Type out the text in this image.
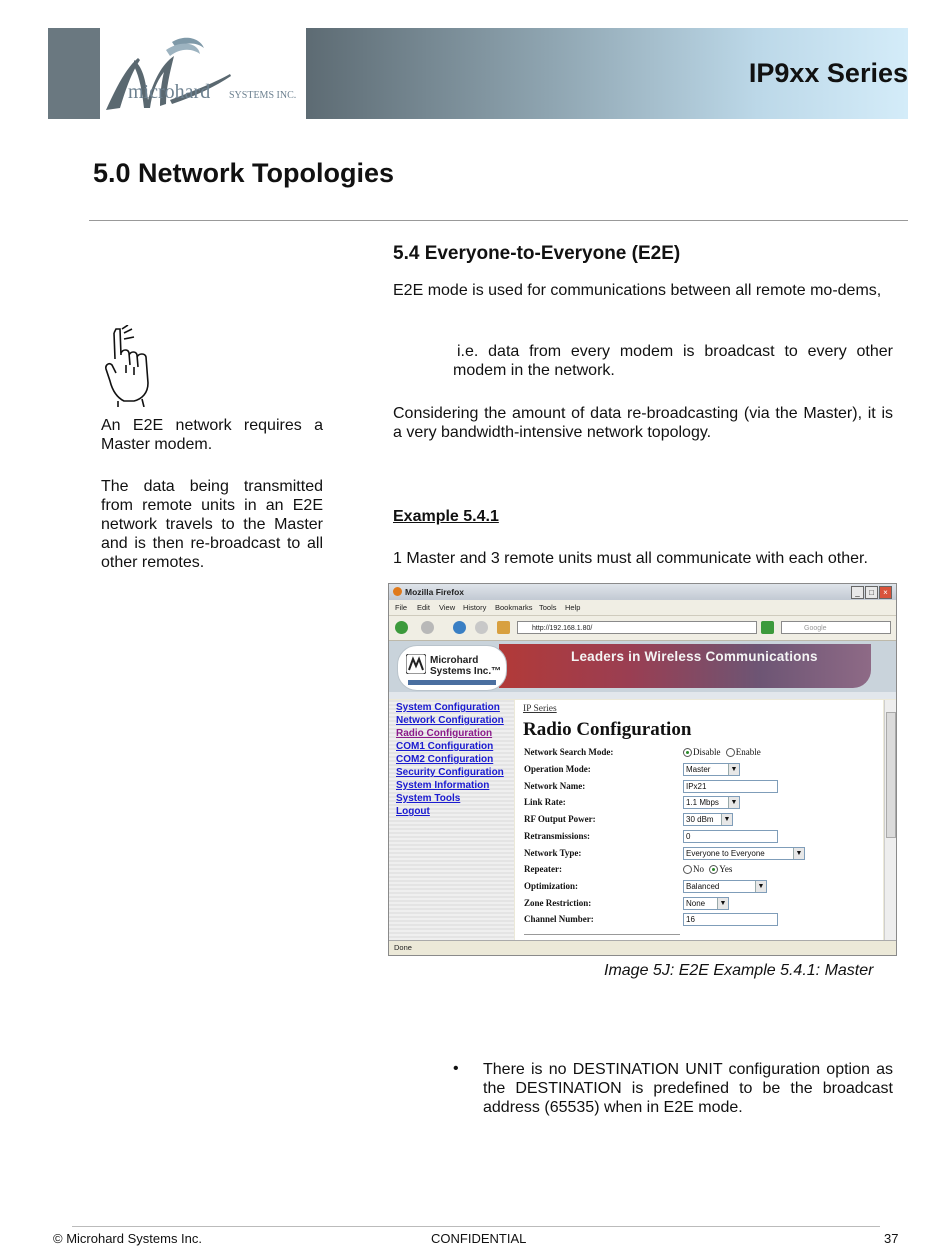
microhard SYSTEMS INC.
IP9xx Series
5.0 Network Topologies
An E2E network requires a Master modem.
The data being transmitted from remote units in an E2E network travels to the Master and is then re-broadcast to all other remotes.
5.4 Everyone-to-Everyone (E2E)
E2E mode is used for communications between all remote mo-dems,
i.e. data from every modem is broadcast to every other modem in the network.
Considering the amount of data re-broadcasting (via the Master), it is a very bandwidth-intensive network topology.
Example 5.4.1
1 Master and 3 remote units must all communicate with each other.
Mozilla Firefox	_	□	×
File Edit View History Bookmarks Tools Help
http://192.168.1.80/	Google
Microhard
Systems Inc.™
Leaders in Wireless Communications
System Configuration
Network Configuration
Radio Configuration
COM1 Configuration
COM2 Configuration
Security Configuration
System Information
System Tools
Logout
IP Series
Radio Configuration
Network Search Mode:	Disable Enable
Operation Mode:	Master	▼
Network Name:	IPx21
Link Rate:	1.1 Mbps	▼
RF Output Power:	30 dBm	▼
Retransmissions:	0
Network Type:	Everyone to Everyone	▼
Repeater:	No Yes
Optimization:	Balanced	▼
Zone Restriction:	None	▼
Channel Number:	16
Done
Image 5J: E2E Example 5.4.1: Master
• There is no DESTINATION UNIT configuration option as the DESTINATION is predefined to be the broadcast address (65535) when in E2E mode.
© Microhard Systems Inc.	CONFIDENTIAL	37
